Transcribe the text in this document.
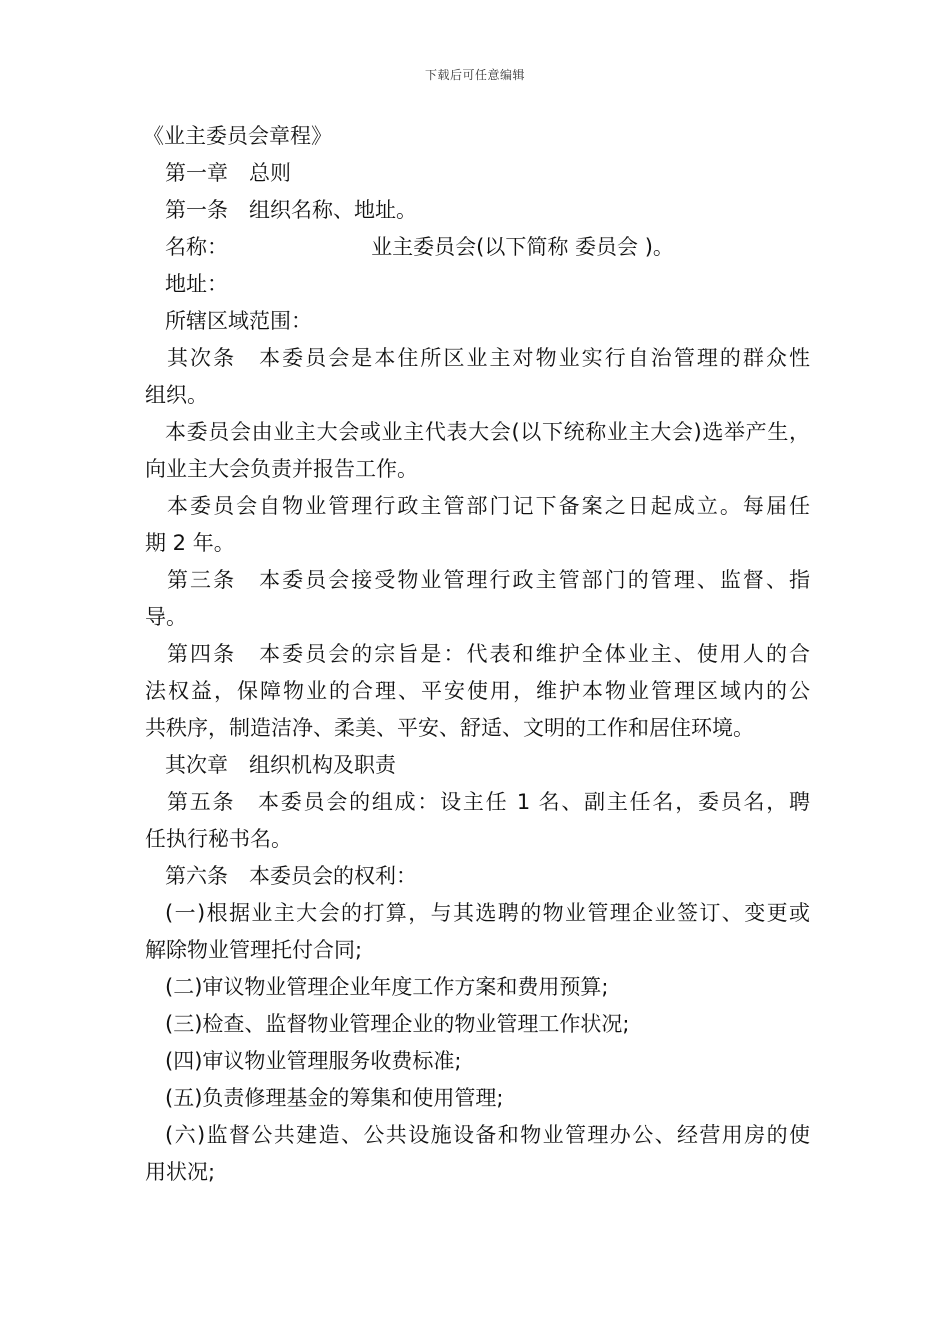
下载后可任意编辑
《业主委员会章程》
第一章　总则
第一条　组织名称、地址。
名称：　　　　　　　 业主委员会(以下简称 委员会 )。
地址：
所辖区域范围：
其次条　本委员会是本住所区业主对物业实行自治管理的群众性
组织。
本委员会由业主大会或业主代表大会(以下统称业主大会)选举产生，
向业主大会负责并报告工作。
本委员会自物业管理行政主管部门记下备案之日起成立。每届任
期 2 年。
第三条　本委员会接受物业管理行政主管部门的管理、监督、指
导。
第四条　本委员会的宗旨是：代表和维护全体业主、使用人的合
法权益，保障物业的合理、平安使用，维护本物业管理区域内的公
共秩序，制造洁净、柔美、平安、舒适、文明的工作和居住环境。
其次章　组织机构及职责
第五条　本委员会的组成：设主任 1 名、副主任名，委员名，聘
任执行秘书名。
第六条　本委员会的权利：
(一)根据业主大会的打算，与其选聘的物业管理企业签订、变更或
解除物业管理托付合同;
(二)审议物业管理企业年度工作方案和费用预算;
(三)检查、监督物业管理企业的物业管理工作状况;
(四)审议物业管理服务收费标准;
(五)负责修理基金的筹集和使用管理;
(六)监督公共建造、公共设施设备和物业管理办公、经营用房的使
用状况;
